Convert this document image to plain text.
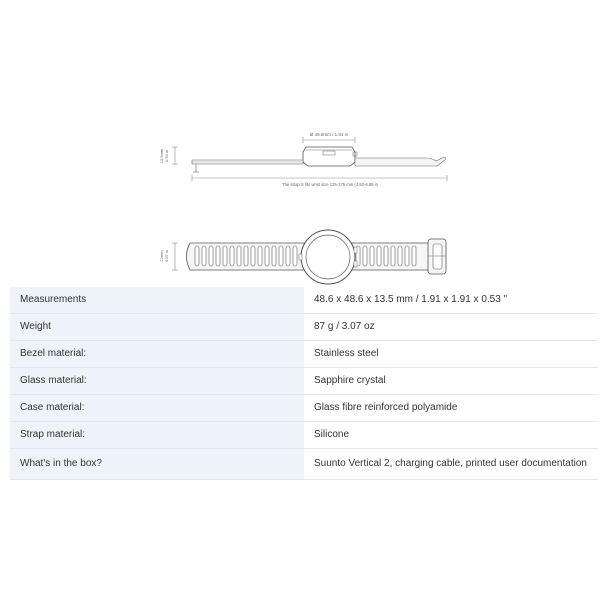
Ø 48.6mm / 1.91 in
13.5mm 0.53 in
The strap S fits wrist size 125-175 mm (4.92-6.89 in
22mm 0.87 in
Measurements	48.6 x 48.6 x 13.5 mm / 1.91 x 1.91 x 0.53 "
Weight	87 g / 3.07 oz
Bezel material:	Stainless steel
Glass material:	Sapphire crystal
Case material:	Glass fibre reinforced polyamide
Strap material:	Silicone
What's in the box?	Suunto Vertical 2, charging cable, printed user documentation
